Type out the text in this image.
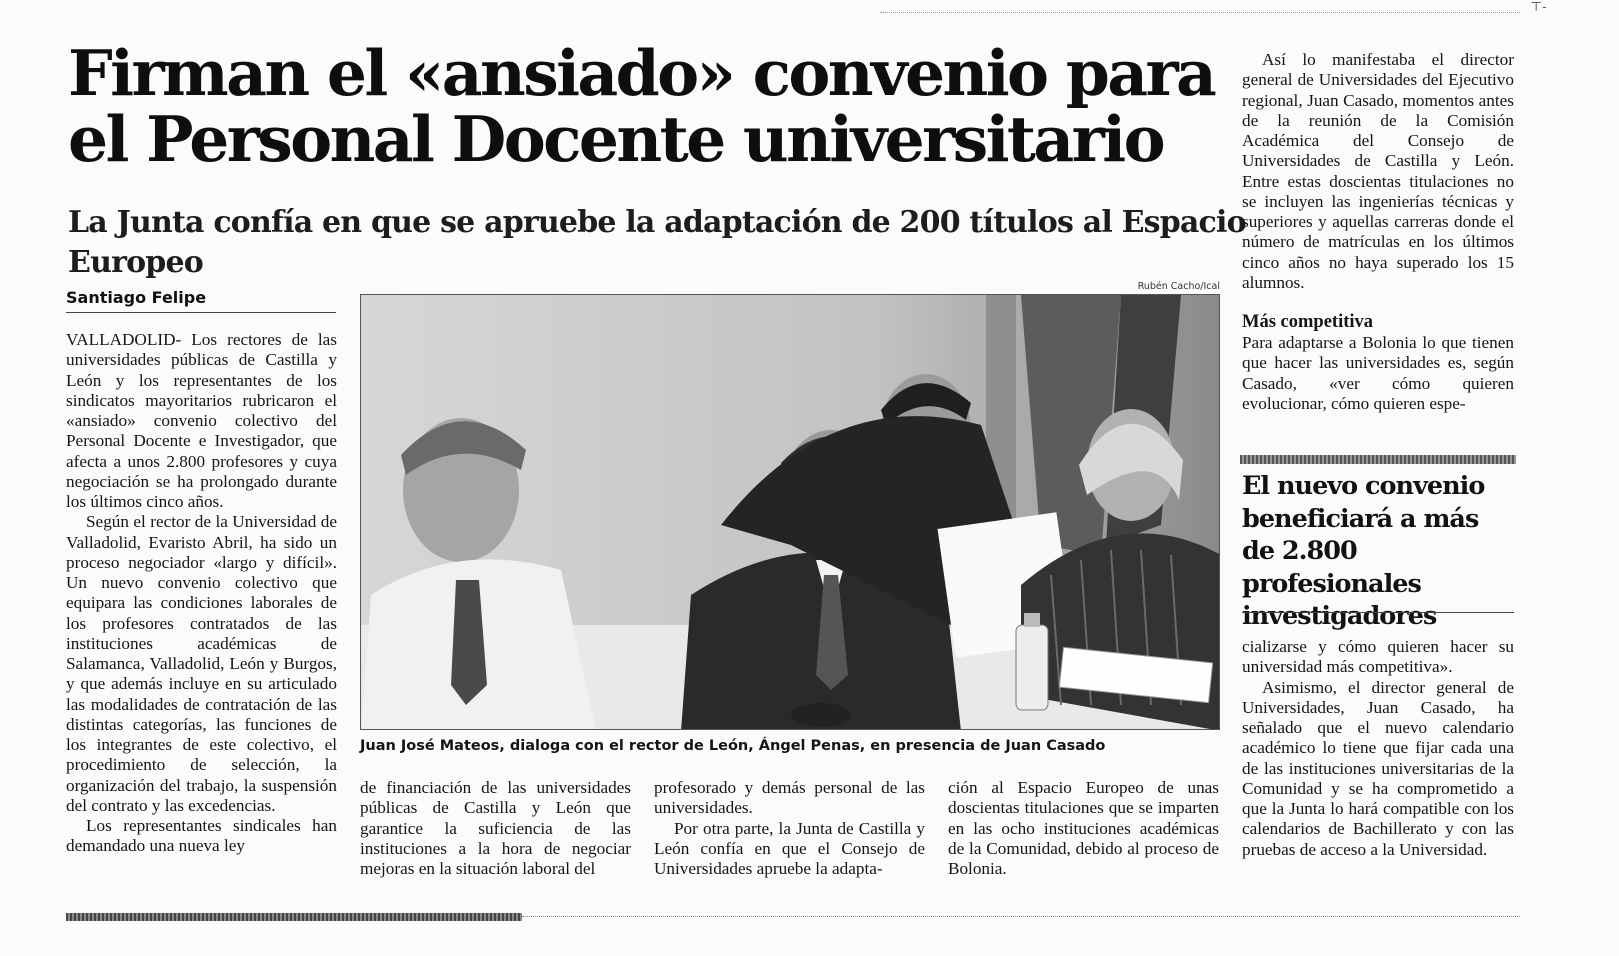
⊤‐
Firman el «ansiado» convenio para el Personal Docente universitario
La Junta confía en que se apruebe la adaptación de 200 títulos al Espacio Europeo
Santiago Felipe

VALLADOLID- Los rectores de las universidades públicas de Castilla y León y los representantes de los sindicatos mayoritarios rubricaron el «ansiado» convenio colectivo del Personal Docente e Investigador, que afecta a unos 2.800 profesores y cuya negociación se ha prolongado durante los últimos cinco años.

Según el rector de la Universidad de Valladolid, Evaristo Abril, ha sido un proceso negociador «largo y difícil». Un nuevo convenio colectivo que equipara las condiciones laborales de los profesores contratados de las instituciones académicas de Salamanca, Valladolid, León y Burgos, y que además incluye en su articulado las modalidades de contratación de las distintas categorías, las funciones de los integrantes de este colectivo, el procedimiento de selección, la organización del trabajo, la suspensión del contrato y las excedencias.

Los representantes sindicales han demandado una nueva ley

Rubén Cacho/Ical
Juan José Mateos, dialoga con el rector de León, Ángel Penas, en presencia de Juan Casado

de financiación de las universidades públicas de Castilla y León que garantice la suficiencia de las instituciones a la hora de negociar mejoras en la situación laboral del

profesorado y demás personal de las universidades.

Por otra parte, la Junta de Castilla y León confía en que el Consejo de Universidades apruebe la adapta-

ción al Espacio Europeo de unas doscientas titulaciones que se imparten en las ocho instituciones académicas de la Comunidad, debido al proceso de Bolonia.

Así lo manifestaba el director general de Universidades del Ejecutivo regional, Juan Casado, momentos antes de la reunión de la Comisión Académica del Consejo de Universidades de Castilla y León. Entre estas doscientas titulaciones no se incluyen las ingenierías técnicas y superiores y aquellas carreras donde el número de matrículas en los últimos cinco años no haya superado los 15 alumnos.

Más competitiva

Para adaptarse a Bolonia lo que tienen que hacer las universidades es, según Casado, «ver cómo quieren evolucionar, cómo quieren espe-

El nuevo convenio beneficiará a más de 2.800 profesionales investigadores

cializarse y cómo quieren hacer su universidad más competitiva».

Asimismo, el director general de Universidades, Juan Casado, ha señalado que el nuevo calendario académico lo tiene que fijar cada una de las instituciones universitarias de la Comunidad y se ha comprometido a que la Junta lo hará compatible con los calendarios de Bachillerato y con las pruebas de acceso a la Universidad.
